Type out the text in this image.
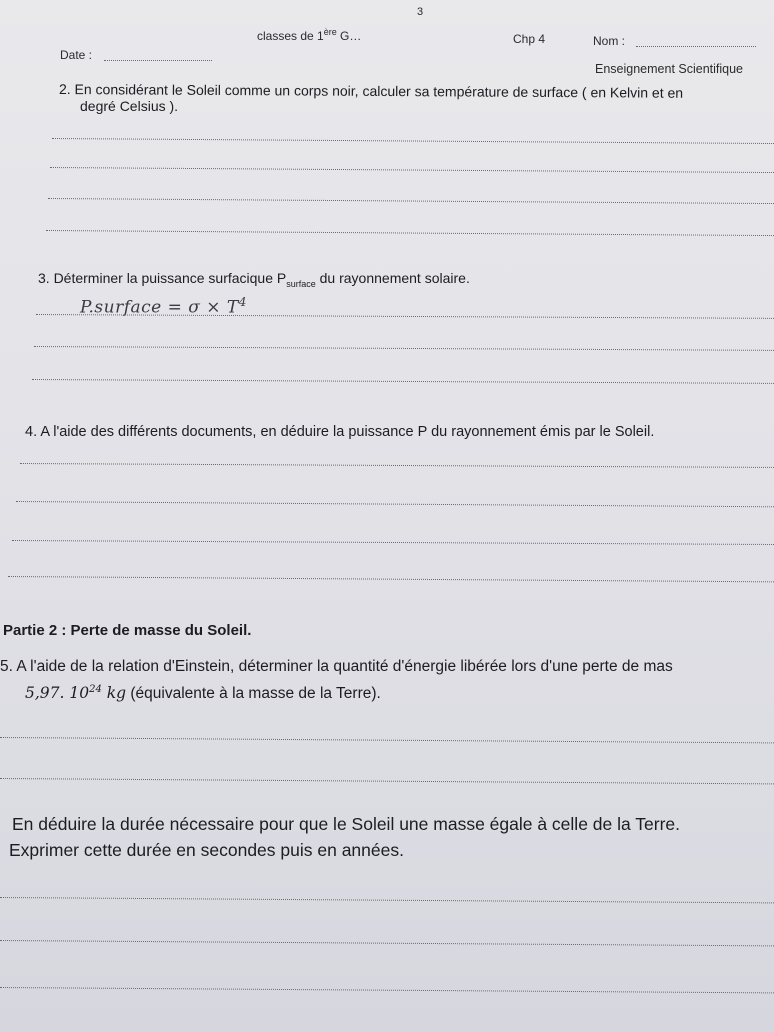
3
classes de 1ère G…	Chp 4	Nom :
Date :
Enseignement Scientifique
2. En considérant le Soleil comme un corps noir, calculer sa température de surface ( en Kelvin et en
degré Celsius ).
3. Déterminer la puissance surfacique $P_{surface}$ du rayonnement solaire.
P.surface = $\sigma \times T^4$
4. A l'aide des différents documents, en déduire la puissance P du rayonnement émis par le Soleil.
Partie 2 : Perte de masse du Soleil.
5. A l'aide de la relation d'Einstein, déterminer la quantité d'énergie libérée lors d'une perte de mas
5,97. $10^{24}$ kg (équivalente à la masse de la Terre).
En déduire la durée nécessaire pour que le Soleil une masse égale à celle de la Terre.
Exprimer cette durée en secondes puis en années.
